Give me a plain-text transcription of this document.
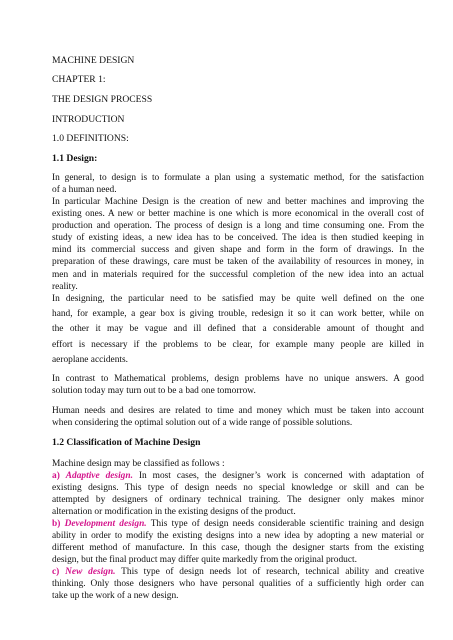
MACHINE DESIGN
CHAPTER 1:
THE DESIGN PROCESS
INTRODUCTION
1.0 DEFINITIONS:
1.1 Design:
In general, to design is to formulate a plan using a systematic method, for the satisfaction
of a human need.
In particular Machine Design is the creation of new and better machines and improving the
existing ones. A new or better machine is one which is more economical in the overall cost of
production and operation. The process of design is a long and time consuming one. From the
study of existing ideas, a new idea has to be conceived. The idea is then studied keeping in
mind its commercial success and given shape and form in the form of drawings. In the
preparation of these drawings, care must be taken of the availability of resources in money, in
men and in materials required for the successful completion of the new idea into an actual
reality.
In designing, the particular need to be satisfied may be quite well defined on the one
hand, for example, a gear box is giving trouble, redesign it so it can work better, while on
the other it may be vague and ill defined that a considerable amount of thought and
effort is necessary if the problems to be clear, for example many people are killed in
aeroplane accidents.
In contrast to Mathematical problems, design problems have no unique answers. A good
solution today may turn out to be a bad one tomorrow.
Human needs and desires are related to time and money which must be taken into account
when considering the optimal solution out of a wide range of possible solutions.
1.2 Classification of Machine Design
Machine design may be classified as follows :
a) Adaptive design. In most cases, the designer’s work is concerned with adaptation of
existing designs. This type of design needs no special knowledge or skill and can be
attempted by designers of ordinary technical training. The designer only makes minor
alternation or modification in the existing designs of the product.
b) Development design. This type of design needs considerable scientific training and design
ability in order to modify the existing designs into a new idea by adopting a new material or
different method of manufacture. In this case, though the designer starts from the existing
design, but the final product may differ quite markedly from the original product.
c) New design. This type of design needs lot of research, technical ability and creative
thinking. Only those designers who have personal qualities of a sufficiently high order can
take up the work of a new design.
